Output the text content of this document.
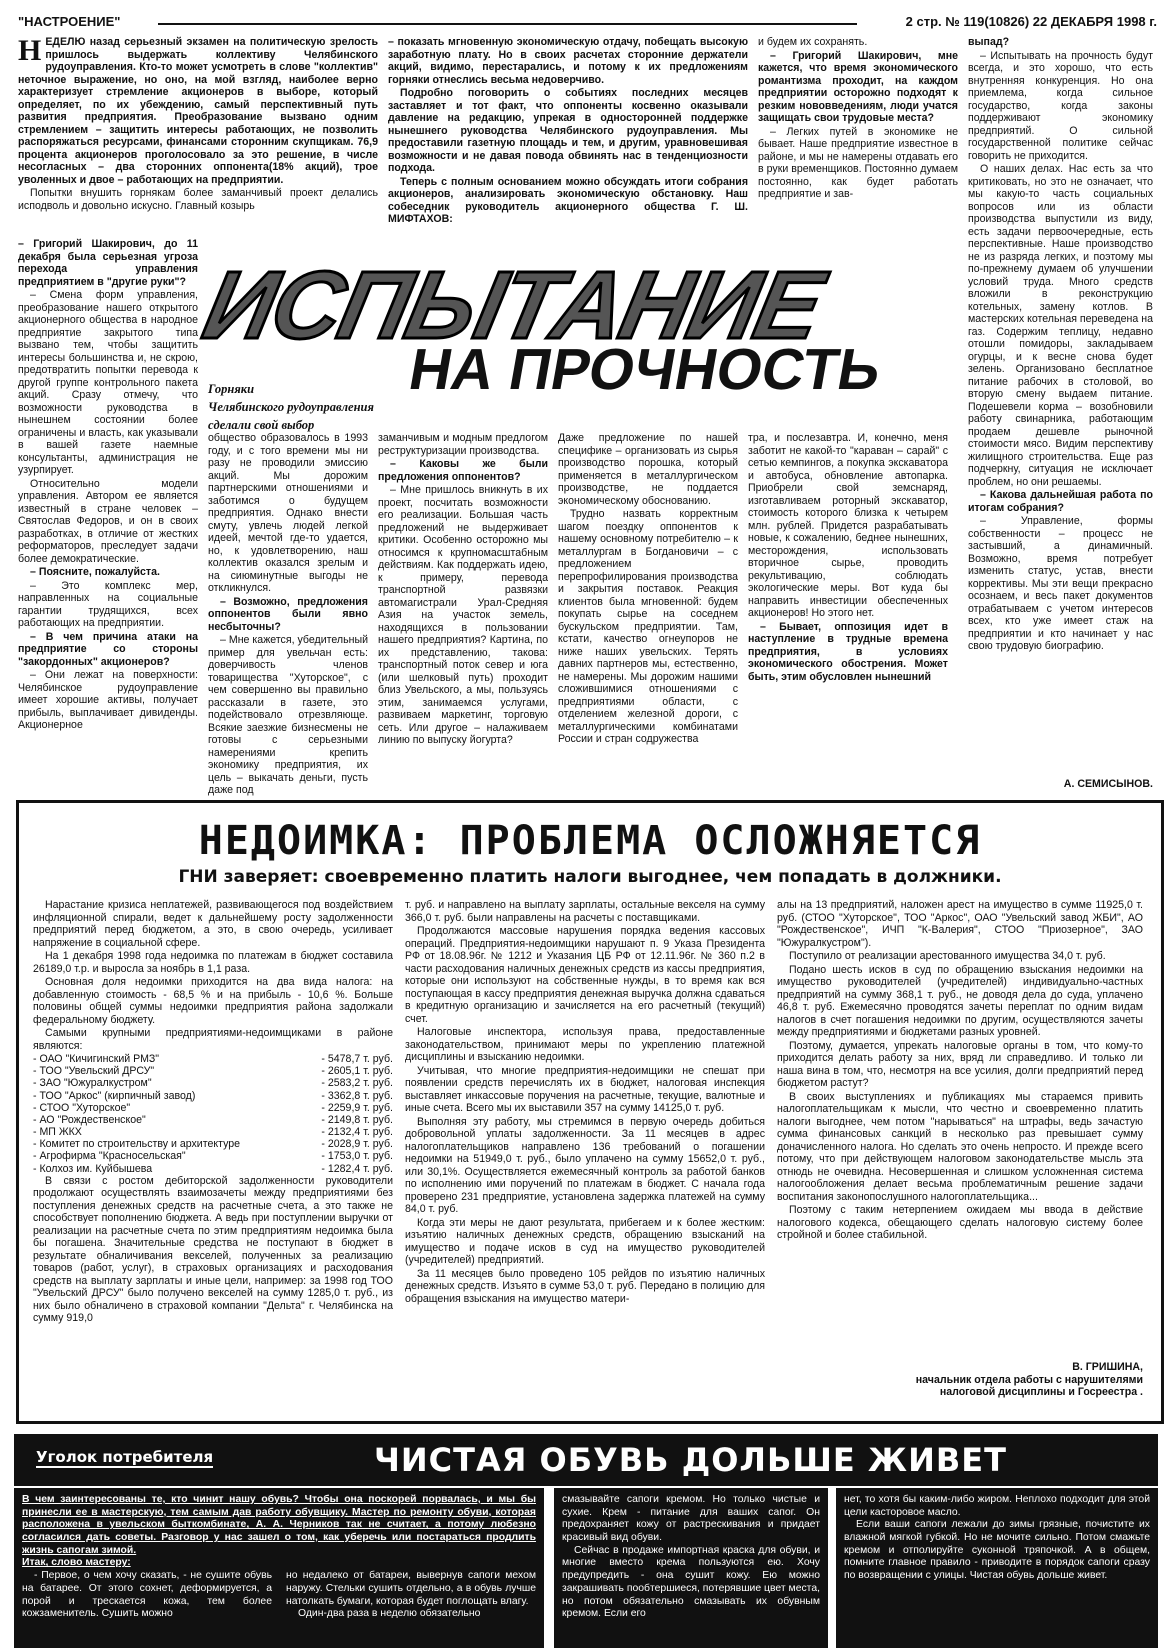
"НАСТРОЕНИЕ"	2 стр. № 119(10826) 22 ДЕКАБРЯ 1998 г.
Н ЕДЕЛЮ назад серьезный экзамен на политическую зрелость пришлось выдержать коллективу Челябинского рудоуправления. Кто-то может усмотреть в слове "коллектив" неточное выражение, но оно, на мой взгляд, наиболее верно характеризует стремление акционеров в выборе, который определяет, по их убеждению, самый перспективный путь развития предприятия. Преобразование вызвано одним стремлением – защитить интересы работающих, не позволить распоряжаться ресурсами, финансами сторонним скупщикам. 76,9 процента акционеров проголосовало за это решение, в числе несогласных – два сторонних оппонента(18% акций), трое уволенных и двое – работающих на предприятии.

Попытки внушить горнякам более заманчивый проект делались исподволь и довольно искусно. Главный козырь

– показать мгновенную экономическую отдачу, побещать высокую заработную плату. Но в своих расчетах сторонние держатели акций, видимо, перестарались, и потому к их предложениям горняки отнеслись весьма недоверчиво.

Подробно поговорить о событиях последних месяцев заставляет и тот факт, что оппоненты косвенно оказывали давление на редакцию, упрекая в односторонней поддержке нынешнего руководства Челябинского рудоуправления. Мы предоставили газетную площадь и тем, и другим, уравновешивая возможности и не давая повода обвинять нас в тенденциозности подхода.

Теперь с полным основанием можно обсуждать итоги собрания акционеров, анализировать экономическую обстановку. Наш собеседник руководитель акционерного общества Г. Ш. МИФТАХОВ:

и будем их сохранять.

– Григорий Шакирович, мне кажется, что время экономического романтизма проходит, на каждом предприятии осторожно подходят к резким нововведениям, люди учатся защищать свои трудовые места?

– Легких путей в экономике не бывает. Наше предприятие известное в районе, и мы не намерены отдавать его в руки временщиков. Постоянно думаем постоянно, как будет работать предприятие и зав-

ИСПЫТАНИЕ
НА ПРОЧНОСТЬ
Горняки
Челябинского рудоуправления
сделали свой выбор

– Григорий Шакирович, до 11 декабря была серьезная угроза перехода управления предприятием в "другие руки"?

– Смена форм управления, преобразование нашего открытого акционерного общества в народное предприятие закрытого типа вызвано тем, чтобы защитить интересы большинства и, не скрою, предотвратить попытки перевода к другой группе контрольного пакета акций. Сразу отмечу, что возможности руководства в нынешнем состоянии более ограничены и власть, как указывали в вашей газете наемные консультанты, администрация не узурпирует.

Относительно модели управления. Автором ее является известный в стране человек – Святослав Федоров, и он в своих разработках, в отличие от жестких реформаторов, преследует задачи более демократические.

– Поясните, пожалуйста.

– Это комплекс мер, направленных на социальные гарантии трудящихся, всех работающих на предприятии.

– В чем причина атаки на предприятие со стороны "закордонных" акционеров?

– Они лежат на поверхности: Челябинское рудоуправление имеет хорошие активы, получает прибыль, выплачивает дивиденды. Акционерное

общество образовалось в 1993 году, и с того времени мы ни разу не проводили эмиссию акций. Мы дорожим партнерскими отношениями и заботимся о будущем предприятия. Однако внести смуту, увлечь людей легкой идеей, мечтой где-то удается, но, к удовлетворению, наш коллектив оказался зрелым и на сиюминутные выгоды не откликнулся.

– Возможно, предложения оппонентов были явно несбыточны?

– Мне кажется, убедительный пример для увельчан есть: доверчивость членов товарищества "Хуторское", с чем совершенно вы правильно рассказали в газете, это подействовало отрезвляюще. Всякие заезжие бизнесмены не готовы с серьезными намерениями крепить экономику предприятия, их цель – выкачать деньги, пусть даже под

заманчивым и модным предлогом реструктуризации производства.

– Каковы же были предложения оппонентов?

– Мне пришлось вникнуть в их проект, посчитать возможности его реализации. Большая часть предложений не выдерживает критики. Особенно осторожно мы относимся к крупномасштабным действиям. Как поддержать идею, к примеру, перевода транспортной развязки автомагистрали Урал-Средняя Азия на участок земель, находящихся в пользовании нашего предприятия? Картина, по их представлению, такова: транспортный поток север и юга (или шелковый путь) проходит близ Увельского, а мы, пользуясь этим, занимаемся услугами, развиваем маркетинг, торговую сеть. Или другое – налаживаем линию по выпуску йогурта?

Даже предложение по нашей специфике – организовать из сырья производство порошка, который применяется в металлургическом производстве, не поддается экономическому обоснованию.

Трудно назвать корректным шагом поездку оппонентов к нашему основному потребителю – к металлургам в Богдановичи – с предложением перепрофилирования производства и закрытия поставок. Реакция клиентов была мгновенной: будем покупать сырье на соседнем бускульском предприятии. Там, кстати, качество огнеупоров не ниже наших увельских. Терять давних партнеров мы, естественно, не намерены. Мы дорожим нашими сложившимися отношениями с предприятиями области, с отделением железной дороги, с металлургическими комбинатами России и стран содружества

тра, и послезавтра. И, конечно, меня заботит не какой-то "караван – сарай" с сетью кемпингов, а покупка экскаватора и автобуса, обновление автопарка. Приобрели свой земснаряд, изготавливаем роторный экскаватор, стоимость которого близка к четырем млн. рублей. Придется разрабатывать новые, к сожалению, беднее нынешних, месторождения, использовать вторичное сырье, проводить рекультивацию, соблюдать экологические меры. Вот куда бы направить инвестиции обеспеченных акционеров! Но этого нет.

– Бывает, оппозиция идет в наступление в трудные времена предприятия, в условиях экономического обострения. Может быть, этим обусловлен нынешний

выпад?

– Испытывать на прочность будут всегда, и это хорошо, что есть внутренняя конкуренция. Но она приемлема, когда сильное государство, когда законы поддерживают экономику предприятий. О сильной государственной политике сейчас говорить не приходится.

О наших делах. Нас есть за что критиковать, но это не означает, что мы какую-то часть социальных вопросов или из области производства выпустили из виду, есть задачи первоочередные, есть перспективные. Наше производство не из разряда легких, и поэтому мы по-прежнему думаем об улучшении условий труда. Много средств вложили в реконструкцию котельных, замену котлов. В мастерских котельная переведена на газ. Содержим теплицу, недавно отошли помидоры, закладываем огурцы, и к весне снова будет зелень. Организовано бесплатное питание рабочих в столовой, во вторую смену выдаем питание. Подешевели корма – возобновили работу свинарника, работающим продаем дешевле рыночной стоимости мясо. Видим перспективу жилищного строительства. Еще раз подчеркну, ситуация не исключает проблем, но они решаемы.

– Какова дальнейшая работа по итогам собрания?

– Управление, формы собственности – процесс не застывший, а динамичный. Возможно, время потребует изменить статус, устав, внести коррективы. Мы эти вещи прекрасно осознаем, и весь пакет документов отрабатываем с учетом интересов всех, кто уже имеет стаж на предприятии и кто начинает у нас свою трудовую биографию.

А. СЕМИСЫНОВ.
НЕДОИМКА: ПРОБЛЕМА ОСЛОЖНЯЕТСЯ
ГНИ заверяет: своевременно платить налоги выгоднее, чем попадать в должники.

Нарастание кризиса неплатежей, развивающегося под воздействием инфляционной спирали, ведет к дальнейшему росту задолженности предприятий перед бюджетом, а это, в свою очередь, усиливает напряжение в социальной сфере.

На 1 декабря 1998 года недоимка по платежам в бюджет составила 26189,0 т.р. и выросла за ноябрь в 1,1 раза.

Основная доля недоимки приходится на два вида налога: на добавленную стоимость - 68,5 % и на прибыль - 10,6 %. Больше половины общей суммы недоимки предприятия района задолжали федеральному бюджету.

Самыми крупными предприятиями-недоимщиками в районе являются:

- ОАО "Кичигинский РМЗ"	- 5478,7 т. руб.
- ТОО "Увельский ДРСУ"	- 2605,1 т. руб.
- ЗАО "Южуралкустром"	- 2583,2 т. руб.
- ТОО "Аркос" (кирпичный завод)	- 3362,8 т. руб.
- СТОО "Хуторское"	- 2259,9 т. руб.
- АО "Рождественское"	- 2149,8 т. руб.
- МП ЖКХ	- 2132,4 т. руб.
- Комитет по строительству и архитектуре	- 2028,9 т. руб.
- Агрофирма "Красносельская"	- 1753,0 т. руб.
- Колхоз им. Куйбышева	- 1282,4 т. руб.

В связи с ростом дебиторской задолженности руководители продолжают осуществлять взаимозачеты между предприятиями без поступления денежных средств на расчетные счета, а это также не способствует пополнению бюджета. А ведь при поступлении выручки от реализации на расчетные счета по этим предприятиям недоимка была бы погашена. Значительные средства не поступают в бюджет в результате обналичивания векселей, полученных за реализацию товаров (работ, услуг), в страховых организациях и расходования средств на выплату зарплаты и иные цели, например: за 1998 год ТОО "Увельский ДРСУ" было получено векселей на сумму 1285,0 т. руб., из них было обналичено в страховой компании "Дельта" г. Челябинска на сумму 919,0

т. руб. и направлено на выплату зарплаты, остальные векселя на сумму 366,0 т. руб. были направлены на расчеты с поставщиками.

Продолжаются массовые нарушения порядка ведения кассовых операций. Предприятия-недоимщики нарушают п. 9 Указа Президента РФ от 18.08.96г. № 1212 и Указания ЦБ РФ от 12.11.96г. № 360 п.2 в части расходования наличных денежных средств из кассы предприятия, которые они используют на собственные нужды, в то время как вся поступающая в кассу предприятия денежная выручка должна сдаваться в кредитную организацию и зачисляется на его расчетный (текущий) счет.

Налоговые инспектора, используя права, предоставленные законодательством, принимают меры по укреплению платежной дисциплины и взысканию недоимки.

Учитывая, что многие предприятия-недоимщики не спешат при появлении средств перечислять их в бюджет, налоговая инспекция выставляет инкассовые поручения на расчетные, текущие, валютные и иные счета. Всего мы их выставили 357 на сумму 14125,0 т. руб.

Выполняя эту работу, мы стремимся в первую очередь добиться добровольной уплаты задолженности. За 11 месяцев в адрес налогоплательщиков направлено 136 требований о погашении недоимки на 51949,0 т. руб., было уплачено на сумму 15652,0 т. руб., или 30,1%. Осуществляется ежемесячный контроль за работой банков по исполнению ими поручений по платежам в бюджет. С начала года проверено 231 предприятие, установлена задержка платежей на сумму 84,0 т. руб.

Когда эти меры не дают результата, прибегаем и к более жестким: изъятию наличных денежных средств, обращению взысканий на имущество и подаче исков в суд на имущество руководителей (учредителей) предприятий.

За 11 месяцев было проведено 105 рейдов по изъятию наличных денежных средств. Изъято в сумме 53,0 т. руб. Передано в полицию для обращения взыскания на имущество матери-

алы на 13 предприятий, наложен арест на имущество в сумме 11925,0 т. руб. (СТОО "Хуторское", ТОО "Аркос", ОАО "Увельский завод ЖБИ", АО "Рождественское", ИЧП "К-Валерия", СТОО "Приозерное", ЗАО "Южуралкустром").

Поступило от реализации арестованного имущества 34,0 т. руб.

Подано шесть исков в суд по обращению взыскания недоимки на имущество руководителей (учредителей) индивидуально-частных предприятий на сумму 368,1 т. руб., не доводя дела до суда, уплачено 46,8 т. руб. Ежемесячно проводятся зачеты переплат по одним видам налогов в счет погашения недоимки по другим, осуществляются зачеты между предприятиями и бюджетами разных уровней.

Поэтому, думается, упрекать налоговые органы в том, что кому-то приходится делать работу за них, вряд ли справедливо. И только ли наша вина в том, что, несмотря на все усилия, долги предприятий перед бюджетом растут?

В своих выступлениях и публикациях мы стараемся привить налогоплательщикам к мысли, что честно и своевременно платить налоги выгоднее, чем потом "нарываться" на штрафы, ведь зачастую сумма финансовых санкций в несколько раз превышает сумму доначисленного налога. Но сделать это очень непросто. И прежде всего потому, что при действующем налоговом законодательстве мысль эта отнюдь не очевидна. Несовершенная и слишком усложненная система налогообложения делает весьма проблематичным решение задачи воспитания законопослушного налогоплательщика...

Поэтому с таким нетерпением ожидаем мы ввода в действие налогового кодекса, обещающего сделать налоговую систему более стройной и более стабильной.

В. ГРИШИНА,
начальник отдела работы с нарушителями
налоговой дисциплины и Госреестра .
Уголок потребителя	ЧИСТАЯ ОБУВЬ ДОЛЬШЕ ЖИВЕТ

В чем заинтересованы те, кто чинит нашу обувь? Чтобы она поскорей порвалась, и мы бы принесли ее в мастерскую, тем самым дав работу обувщику. Мастер по ремонту обуви, которая расположена в увельском быткомбинате, А. А. Черников так не считает, а потому любезно согласился дать советы. Разговор у нас зашел о том, как уберечь или постараться продлить жизнь сапогам зимой.

Итак, слово мастеру:

- Первое, о чем хочу сказать, - не сушите обувь на батарее. От этого сохнет, деформируется, а порой и трескается кожа, тем более кожзаменитель. Сушить можно

но недалеко от батареи, вывернув сапоги мехом наружу. Стельки сушить отдельно, а в обувь лучше натолкать бумаги, которая будет поглощать влагу.

Один-два раза в неделю обязательно

смазывайте сапоги кремом. Но только чистые и сухие. Крем - питание для ваших сапог. Он предохраняет кожу от растрескивания и придает красивый вид обуви.

Сейчас в продаже импортная краска для обуви, и многие вместо крема пользуются ею. Хочу предупредить - она сушит кожу. Ею можно закрашивать пообтершиеся, потерявшие цвет места, но потом обязательно смазывать их обувным кремом. Если его

нет, то хотя бы каким-либо жиром. Неплохо подходит для этой цели касторовое масло.

Если ваши сапоги лежали до зимы грязные, почистите их влажной мягкой губкой. Но не мочите сильно. Потом смажьте кремом и отполируйте суконной тряпочкой. А в общем, помните главное правило - приводите в порядок сапоги сразу по возвращении с улицы. Чистая обувь дольше живет.
